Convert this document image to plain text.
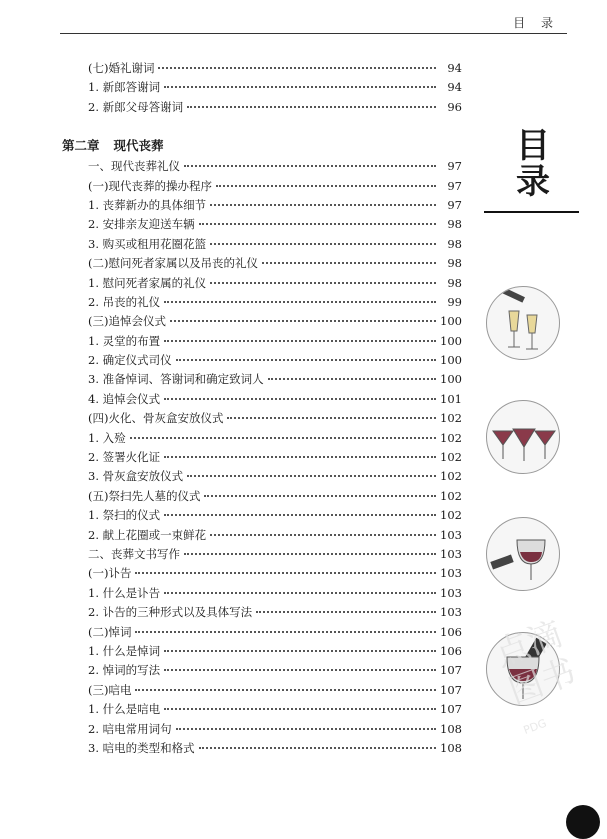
目 录
(七)婚礼谢词	94
1. 新郎答谢词	94
2. 新郎父母答谢词	96
第二章 现代丧葬
一、现代丧葬礼仪	97
(一)现代丧葬的操办程序	97
1. 丧葬新办的具体细节	97
2. 安排亲友迎送车辆	98
3. 购买或租用花圈花篮	98
(二)慰问死者家属以及吊丧的礼仪	98
1. 慰问死者家属的礼仪	98
2. 吊丧的礼仪	99
(三)追悼会仪式	100
1. 灵堂的布置	100
2. 确定仪式司仪	100
3. 准备悼词、答谢词和确定致词人	100
4. 追悼会仪式	101
(四)火化、骨灰盒安放仪式	102
1. 入殓	102
2. 签署火化证	102
3. 骨灰盒安放仪式	102
(五)祭扫先人墓的仪式	102
1. 祭扫的仪式	102
2. 献上花圈或一束鲜花	103
二、丧葬文书写作	103
(一)讣告	103
1. 什么是讣告	103
2. 讣告的三种形式以及具体写法	103
(二)悼词	106
1. 什么是悼词	106
2. 悼词的写法	107
(三)唁电	107
1. 什么是唁电	107
2. 唁电常用词句	108
3. 唁电的类型和格式	108
目
录
点滴图书
PDG
